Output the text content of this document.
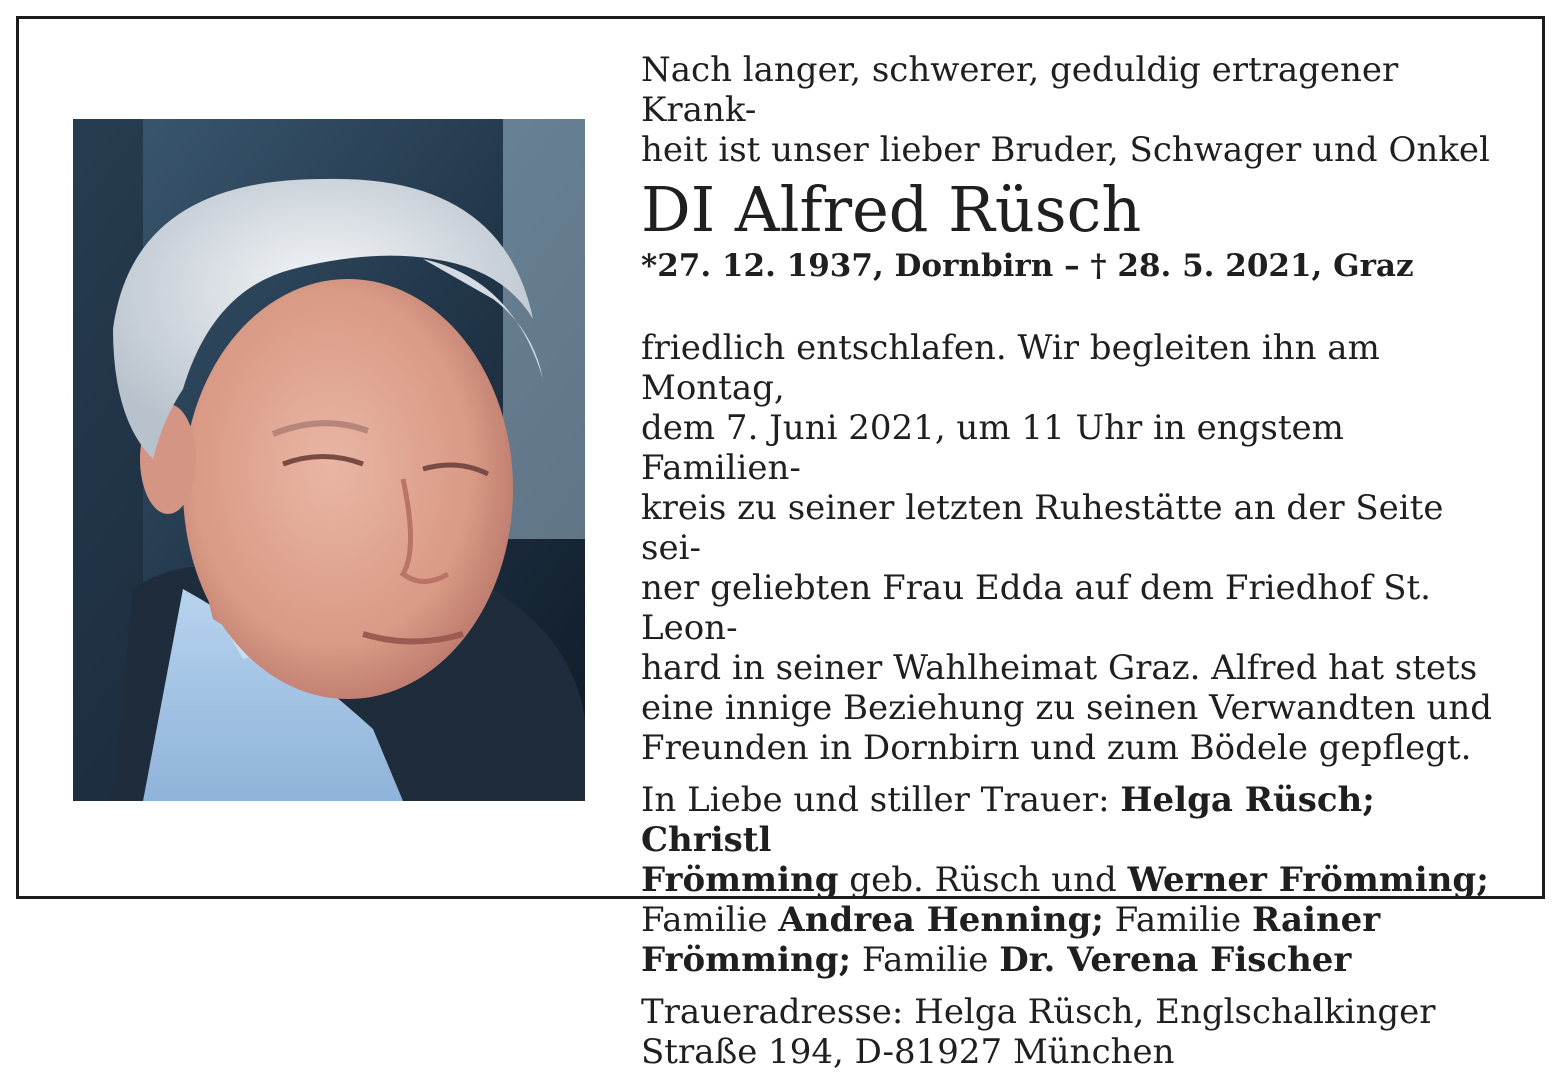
Nach langer, schwerer, geduldig ertragener Krank-
heit ist unser lieber Bruder, Schwager und Onkel

DI Alfred Rüsch

*27. 12. 1937, Dornbirn – † 28. 5. 2021, Graz

friedlich entschlafen. Wir begleiten ihn am Montag,
dem 7. Juni 2021, um 11 Uhr in engstem Familien-
kreis zu seiner letzten Ruhestätte an der Seite sei-
ner geliebten Frau Edda auf dem Friedhof St. Leon-
hard in seiner Wahlheimat Graz. Alfred hat stets
eine innige Beziehung zu seinen Verwandten und
Freunden in Dornbirn und zum Bödele gepflegt.

In Liebe und stiller Trauer: Helga Rüsch; Christl
Frömming geb. Rüsch und Werner Frömming;
Familie Andrea Henning; Familie Rainer
Frömming; Familie Dr. Verena Fischer

Traueradresse: Helga Rüsch, Englschalkinger
Straße 194, D-81927 München
